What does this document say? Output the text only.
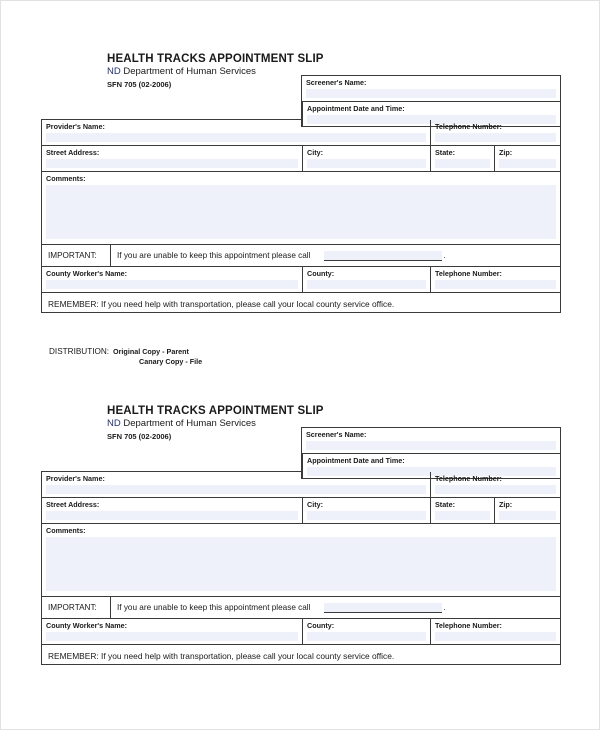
HEALTH TRACKS APPOINTMENT SLIP
ND Department of Human Services
SFN 705 (02-2006)	Screener's Name:
Appointment Date and Time:
Provider's Name:	Telephone Number:
Street Address:	City:	State:	Zip:
Comments:
IMPORTANT:	If you are unable to keep this appointment please call	.
County Worker's Name:	County:	Telephone Number:
REMEMBER: If you need help with transportation, please call your local county service office.
DISTRIBUTION: Original Copy - Parent
Canary Copy - File
HEALTH TRACKS APPOINTMENT SLIP
ND Department of Human Services
SFN 705 (02-2006)	Screener's Name:
Appointment Date and Time:
Provider's Name:	Telephone Number:
Street Address:	City:	State:	Zip:
Comments:
IMPORTANT:	If you are unable to keep this appointment please call	.
County Worker's Name:	County:	Telephone Number:
REMEMBER: If you need help with transportation, please call your local county service office.
